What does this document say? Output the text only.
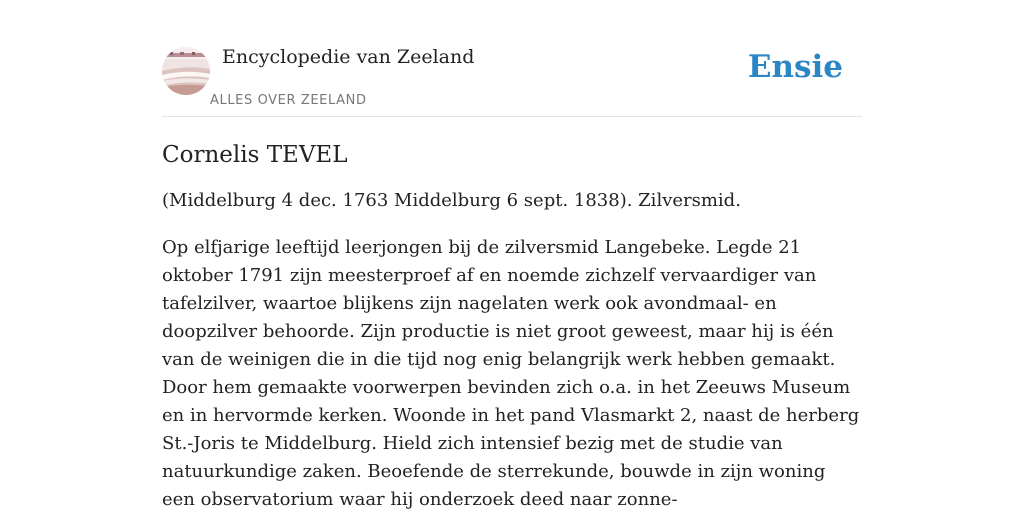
Encyclopedie van Zeeland
ALLES OVER ZEELAND
Ensie
Cornelis TEVEL

(Middelburg 4 dec. 1763 Middelburg 6 sept. 1838). Zilversmid.

Op elfjarige leeftijd leerjongen bij de zilversmid Langebeke. Legde 21 oktober 1791 zijn meesterproef af en noemde zichzelf vervaardiger van tafelzilver, waartoe blijkens zijn nagelaten werk ook avondmaal- en doopzilver behoorde. Zijn productie is niet groot geweest, maar hij is één van de weinigen die in die tijd nog enig belangrijk werk hebben gemaakt. Door hem gemaakte voorwerpen bevinden zich o.a. in het Zeeuws Museum en in hervormde kerken. Woonde in het pand Vlasmarkt 2, naast de herberg St.-Joris te Middelburg. Hield zich intensief bezig met de studie van natuurkundige zaken. Beoefende de sterrekunde, bouwde in zijn woning een observatorium waar hij onderzoek deed naar zonne-
